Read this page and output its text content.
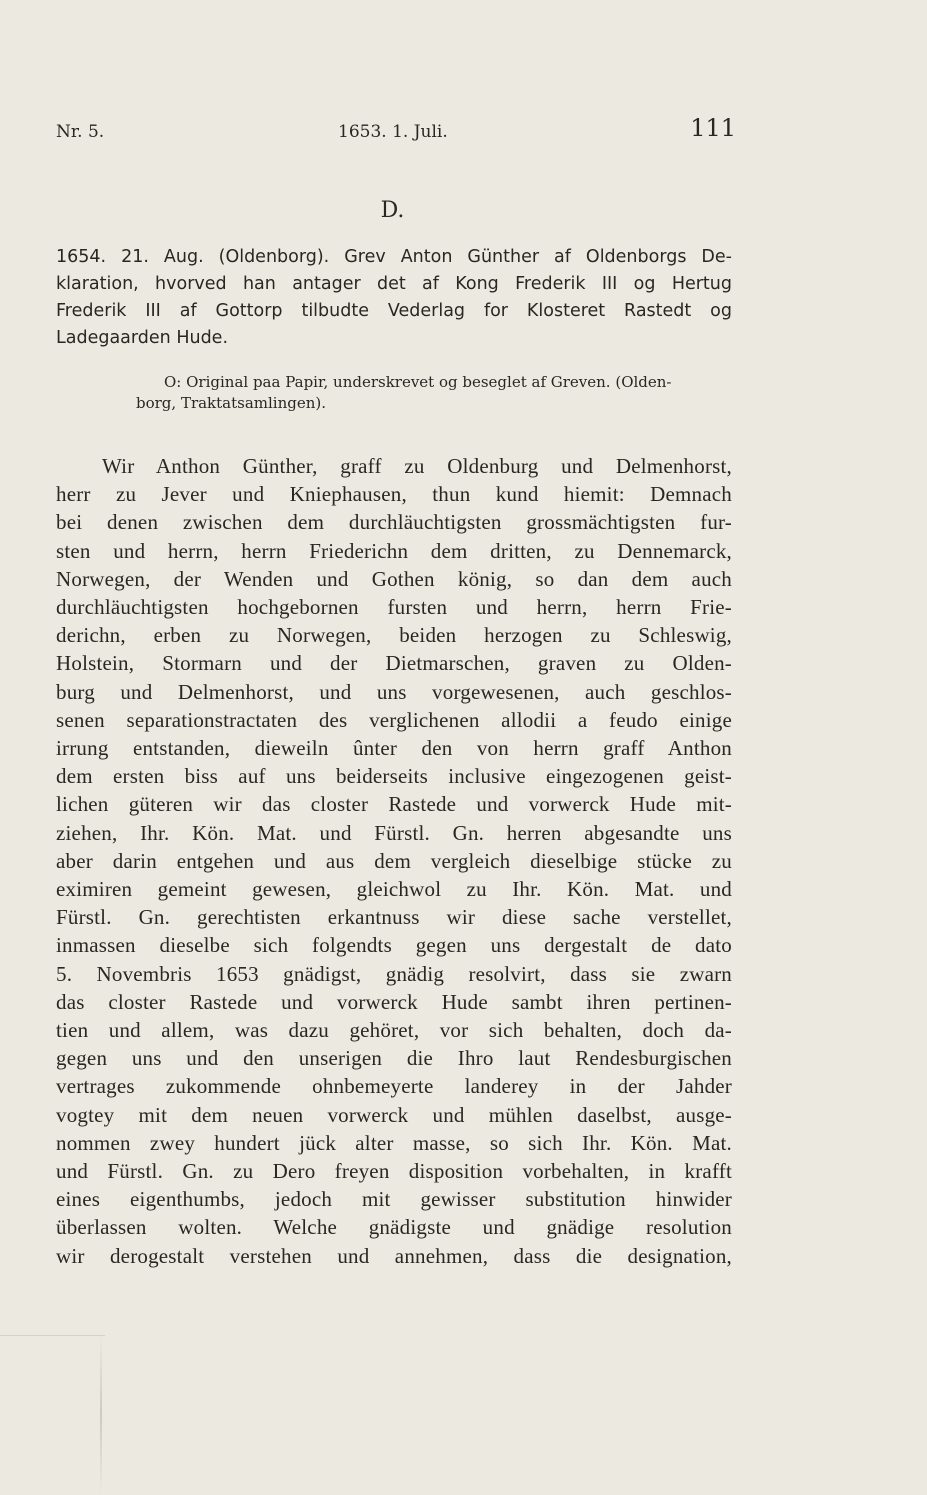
Nr. 5.	1653. 1. Juli.	111
D.
1654. 21. Aug. (Oldenborg). Grev Anton Günther af Oldenborgs De-
klaration, hvorved han antager det af Kong Frederik III og Hertug
Frederik III af Gottorp tilbudte Vederlag for Klosteret Rastedt og
Ladegaarden Hude.
O: Original paa Papir, underskrevet og beseglet af Greven. (Olden-
borg, Traktatsamlingen).
Wir Anthon Günther, graff zu Oldenburg und Delmenhorst,
herr zu Jever und Kniephausen, thun kund hiemit: Demnach
bei denen zwischen dem durchläuchtigsten grossmächtigsten fur-
sten und herrn, herrn Friederichn dem dritten, zu Dennemarck,
Norwegen, der Wenden und Gothen könig, so dan dem auch
durchläuchtigsten hochgebornen fursten und herrn, herrn Frie-
derichn, erben zu Norwegen, beiden herzogen zu Schleswig,
Holstein, Stormarn und der Dietmarschen, graven zu Olden-
burg und Delmenhorst, und uns vorgewesenen, auch geschlos-
senen separationstractaten des verglichenen allodii a feudo einige
irrung entstanden, dieweiln ûnter den von herrn graff Anthon
dem ersten biss auf uns beiderseits inclusive eingezogenen geist-
lichen güteren wir das closter Rastede und vorwerck Hude mit-
ziehen, Ihr. Kön. Mat. und Fürstl. Gn. herren abgesandte uns
aber darin entgehen und aus dem vergleich dieselbige stücke zu
eximiren gemeint gewesen, gleichwol zu Ihr. Kön. Mat. und
Fürstl. Gn. gerechtisten erkantnuss wir diese sache verstellet,
inmassen dieselbe sich folgendts gegen uns dergestalt de dato
5. Novembris 1653 gnädigst, gnädig resolvirt, dass sie zwarn
das closter Rastede und vorwerck Hude sambt ihren pertinen-
tien und allem, was dazu gehöret, vor sich behalten, doch da-
gegen uns und den unserigen die Ihro laut Rendesburgischen
vertrages zukommende ohnbemeyerte landerey in der Jahder
vogtey mit dem neuen vorwerck und mühlen daselbst, ausge-
nommen zwey hundert jück alter masse, so sich Ihr. Kön. Mat.
und Fürstl. Gn. zu Dero freyen disposition vorbehalten, in krafft
eines eigenthumbs, jedoch mit gewisser substitution hinwider
überlassen wolten. Welche gnädigste und gnädige resolution
wir derogestalt verstehen und annehmen, dass die designation,
